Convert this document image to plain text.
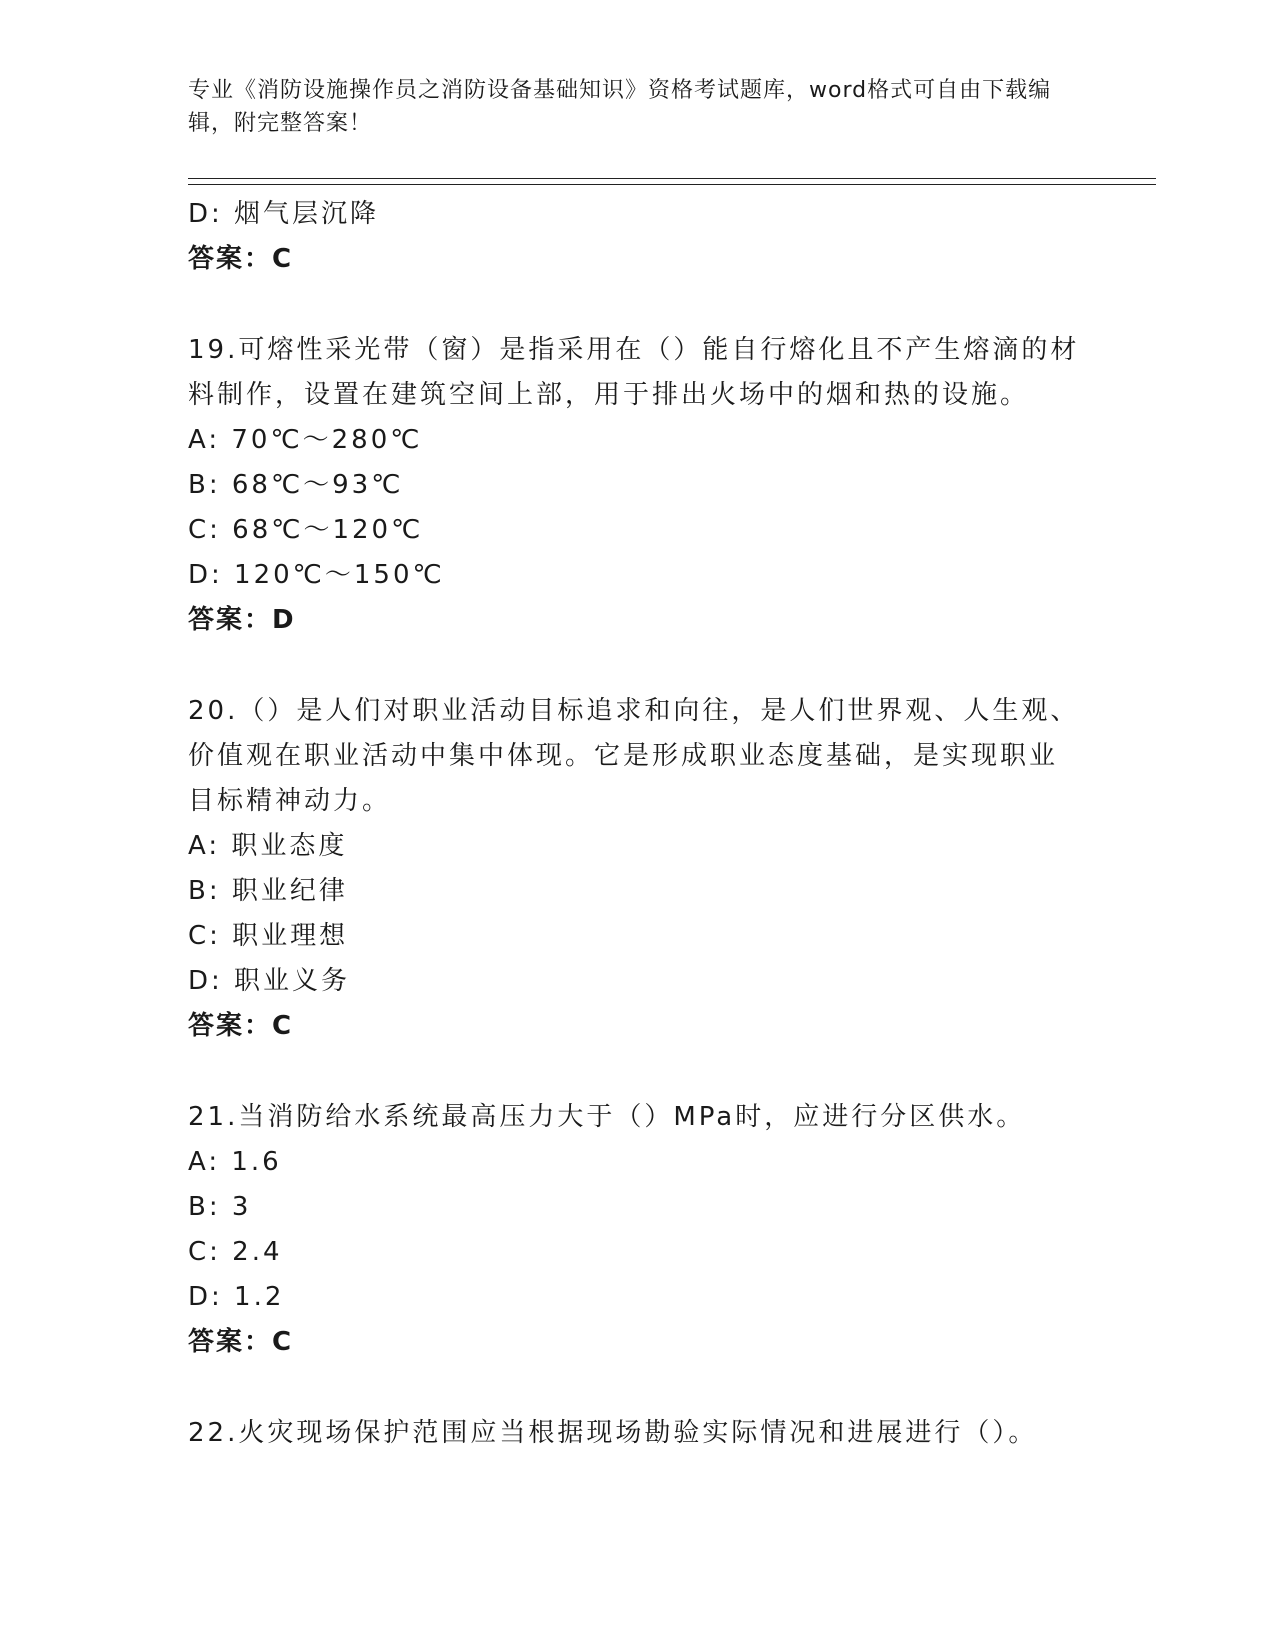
专业《消防设施操作员之消防设备基础知识》资格考试题库，word格式可自由下载编辑，附完整答案！
D: 烟气层沉降
答案：C
19.可熔性采光带（窗）是指采用在（）能自行熔化且不产生熔滴的材
料制作，设置在建筑空间上部，用于排出火场中的烟和热的设施。
A: 70℃～280℃
B: 68℃～93℃
C: 68℃～120℃
D: 120℃～150℃
答案：D
20.（）是人们对职业活动目标追求和向往，是人们世界观、人生观、
价值观在职业活动中集中体现。它是形成职业态度基础，是实现职业
目标精神动力。
A: 职业态度
B: 职业纪律
C: 职业理想
D: 职业义务
答案：C
21.当消防给水系统最高压力大于（）MPa时，应进行分区供水。
A: 1.6
B: 3
C: 2.4
D: 1.2
答案：C
22.火灾现场保护范围应当根据现场勘验实际情况和进展进行（）。
